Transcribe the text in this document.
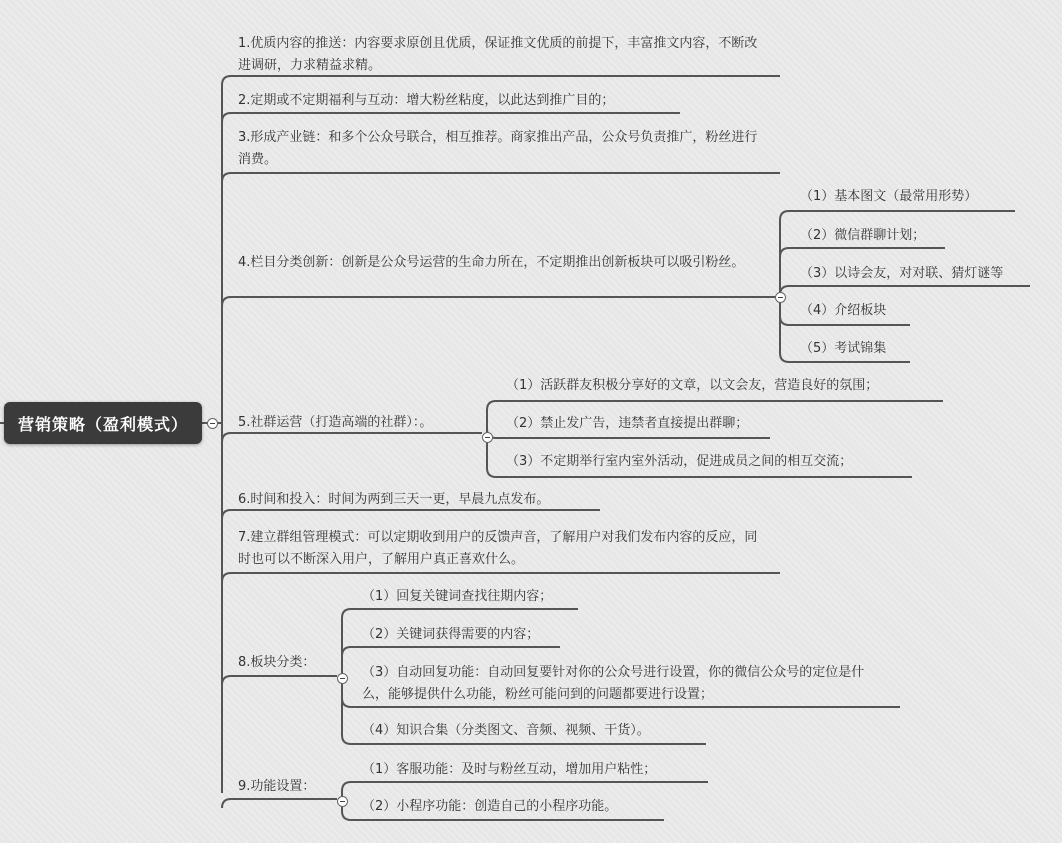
营销策略（盈利模式）

1.优质内容的推送：内容要求原创且优质，保证推文优质的前提下，丰富推文内容，不断改进调研，力求精益求精。

2.定期或不定期福利与互动：增大粉丝粘度，以此达到推广目的；

3.形成产业链：和多个公众号联合，相互推荐。商家推出产品，公众号负责推广，粉丝进行消费。

4.栏目分类创新：创新是公众号运营的生命力所在，不定期推出创新板块可以吸引粉丝。

5.社群运营（打造高端的社群）：。

6.时间和投入：时间为两到三天一更，早晨九点发布。

7.建立群组管理模式：可以定期收到用户的反馈声音，了解用户对我们发布内容的反应，同时也可以不断深入用户，了解用户真正喜欢什么。

8.板块分类：

9.功能设置：

（1）基本图文（最常用形势）

（2）微信群聊计划；

（3）以诗会友，对对联、猜灯谜等

（4）介绍板块

（5）考试锦集

（1）活跃群友积极分享好的文章，以文会友，营造良好的氛围；

（2）禁止发广告，违禁者直接提出群聊；

（3）不定期举行室内室外活动，促进成员之间的相互交流；

（1）回复关键词查找往期内容；

（2）关键词获得需要的内容；

（3）自动回复功能：自动回复要针对你的公众号进行设置，你的微信公众号的定位是什么，能够提供什么功能，粉丝可能问到的问题都要进行设置；

（4）知识合集（分类图文、音频、视频、干货）。

（1）客服功能：及时与粉丝互动，增加用户粘性；

（2）小程序功能：创造自己的小程序功能。
